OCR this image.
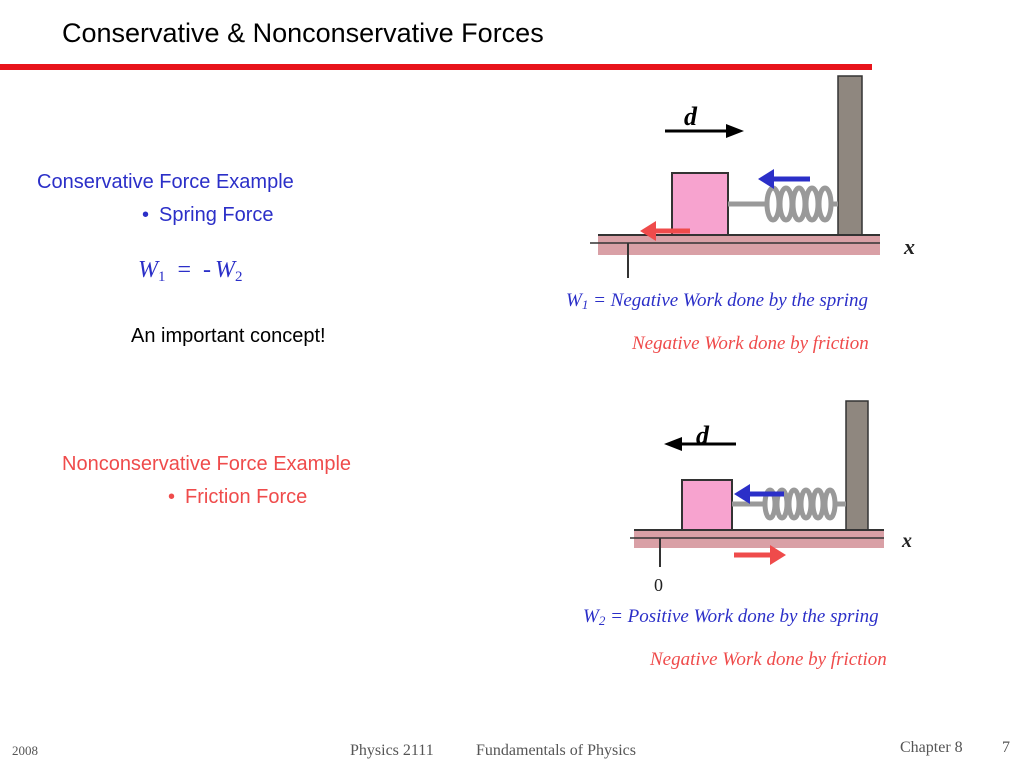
Conservative & Nonconservative Forces
Conservative Force Example
• Spring Force
$W_1$ = - $W_2$
An important concept!
Nonconservative Force Example
• Friction Force
d
x
$W_1$ = Negative Work done by the spring
Negative Work done by friction
0
d
x
$W_2$ = Positive Work done by the spring
Negative Work done by friction
2008	Physics 2111	Fundamentals of Physics	Chapter 8 7
